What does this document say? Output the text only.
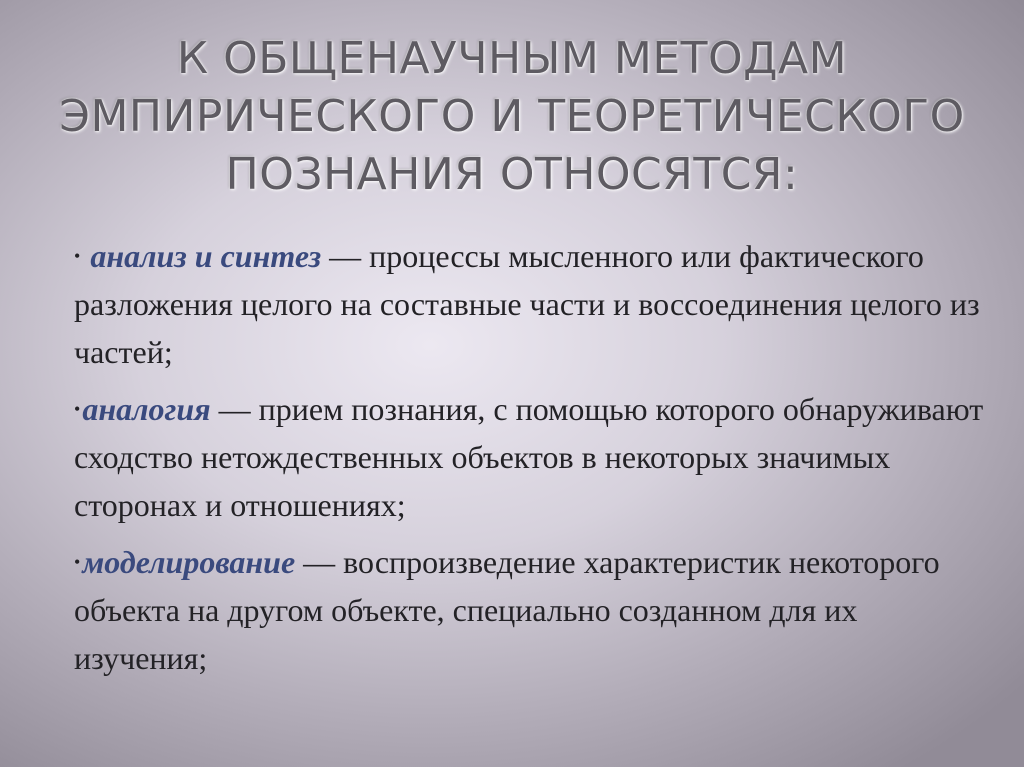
К ОБЩЕНАУЧНЫМ МЕТОДАМ
ЭМПИРИЧЕСКОГО И ТЕОРЕТИЧЕСКОГО
ПОЗНАНИЯ ОТНОСЯТСЯ:
• анализ и синтез — процессы мысленного или фактического разложения целого на составные части и воссоединения целого из частей;
•аналогия — прием познания, с помощью которого обнаруживают сходство нетождественных объектов в некоторых значимых сторонах и отношениях;
•моделирование — воспроизведение характеристик некоторого объекта на другом объекте, специально созданном для их изучения;
